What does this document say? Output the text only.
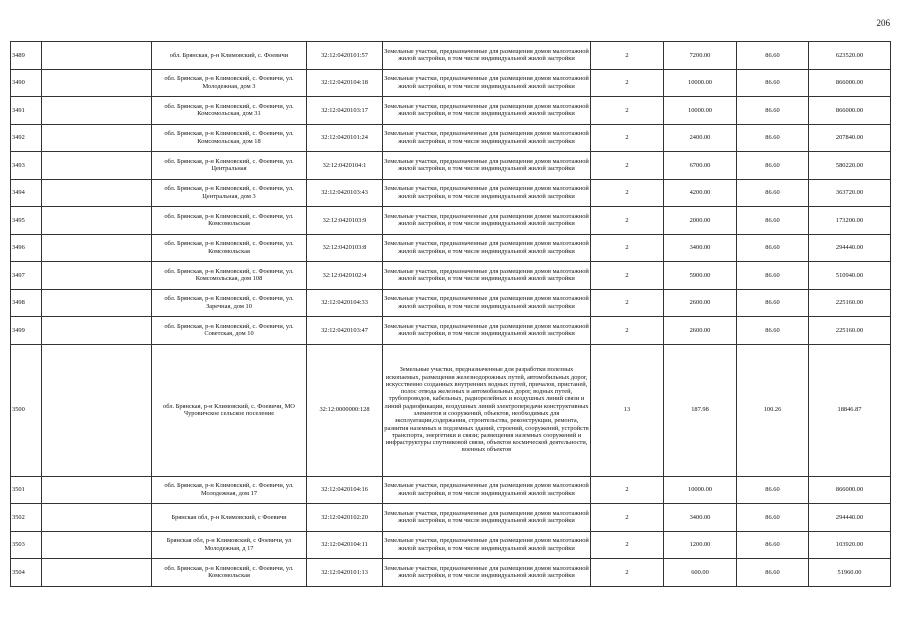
206
3489		обл. Брянская, р-н Климовский, с. Фоевичи	32:12:0420101:57	Земельные участки, предназначенные для размещения домов малоэтажной жилой застройки, в том числе индивидуальной жилой застройки	2	7200.00	86.60	623520.00
3490		обл. Брянская, р-н Климовский, с. Фоевичи, ул. Молодежная, дом 3	32:12:0420104:18	Земельные участки, предназначенные для размещения домов малоэтажной жилой застройки, в том числе индивидуальной жилой застройки	2	10000.00	86.60	866000.00
3491		обл. Брянская, р-н Климовский, с. Фоевичи, ул. Комсомольская, дом 31	32:12:0420103:17	Земельные участки, предназначенные для размещения домов малоэтажной жилой застройки, в том числе индивидуальной жилой застройки	2	10000.00	86.60	866000.00
3492		обл. Брянская, р-н Климовский, с. Фоевичи, ул. Комсомольская, дом 18	32:12:0420101:24	Земельные участки, предназначенные для размещения домов малоэтажной жилой застройки, в том числе индивидуальной жилой застройки	2	2400.00	86.60	207840.00
3493		обл. Брянская, р-н Климовский, с. Фоевичи, ул. Центральная	32:12:0420104:1	Земельные участки, предназначенные для размещения домов малоэтажной жилой застройки, в том числе индивидуальной жилой застройки	2	6700.00	86.60	580220.00
3494		обл. Брянская, р-н Климовский, с. Фоевичи, ул. Центральная, дом 3	32:12:0420103:43	Земельные участки, предназначенные для размещения домов малоэтажной жилой застройки, в том числе индивидуальной жилой застройки	2	4200.00	86.60	363720.00
3495		обл. Брянская, р-н Климовский, с. Фоевичи, ул. Комсомольская	32:12:0420103:9	Земельные участки, предназначенные для размещения домов малоэтажной жилой застройки, в том числе индивидуальной жилой застройки	2	2000.00	86.60	173200.00
3496		обл. Брянская, р-н Климовский, с. Фоевичи, ул. Комсомольская	32:12:0420103:8	Земельные участки, предназначенные для размещения домов малоэтажной жилой застройки, в том числе индивидуальной жилой застройки	2	3400.00	86.60	294440.00
3497		обл. Брянская, р-н Климовский, с. Фоевичи, ул. Комсомольская, дом 108	32:12:0420102:4	Земельные участки, предназначенные для размещения домов малоэтажной жилой застройки, в том числе индивидуальной жилой застройки	2	5900.00	86.60	510940.00
3498		обл. Брянская, р-н Климовский, с. Фоевичи, ул. Заречная, дом 10	32:12:0420104:33	Земельные участки, предназначенные для размещения домов малоэтажной жилой застройки, в том числе индивидуальной жилой застройки	2	2600.00	86.60	225160.00
3499		обл. Брянская, р-н Климовский, с. Фоевичи, ул. Советская, дом 10	32:12:0420103:47	Земельные участки, предназначенные для размещения домов малоэтажной жилой застройки, в том числе индивидуальной жилой застройки	2	2600.00	86.60	225160.00
3500		обл. Брянская, р-н Климовский, с. Фоевичи, МО Чуровичское сельское поселение	32:12:0000000:128	Земельные участки, предназначенные для разработки полезных ископаемых, размещения железнодорожных путей, автомобильных дорог, искусственно созданных внутренних водных путей, причалов, пристаней, полос отвода железных и автомобильных дорог, водных путей, трубопроводов, кабельных, радиорелейных и воздушных линий связи и линий радиофикации, воздушных линий электропередачи конструктивных элементов и сооружений, объектов, необходимых для эксплуатации,содержания, строительства, реконструкции, ремонта, развития наземных и подземных зданий, строений, сооружений, устройств транспорта, энергетики и связи; размещения наземных сооружений и инфраструктуры спутниковой связи, объектов космической деятельности, военных объектов	13	187.98	100.26	18846.87
3501		обл. Брянская, р-н Климовский, с. Фоевичи, ул. Молодежная, дом 17	32:12:0420104:16	Земельные участки, предназначенные для размещения домов малоэтажной жилой застройки, в том числе индивидуальной жилой застройки	2	10000.00	86.60	866000.00
3502		Брянская обл, р-н Климовский, с Фоевичи	32:12:0420102:20	Земельные участки, предназначенные для размещения домов малоэтажной жилой застройки, в том числе индивидуальной жилой застройки	2	3400.00	86.60	294440.00
3503		Брянская обл, р-н Климовский, с Фоевичи, ул Молодежная, д 17	32:12:0420104:11	Земельные участки, предназначенные для размещения домов малоэтажной жилой застройки, в том числе индивидуальной жилой застройки	2	1200.00	86.60	103920.00
3504		обл. Брянская, р-н Климовский, с. Фоевичи, ул. Комсомольская	32:12:0420101:13	Земельные участки, предназначенные для размещения домов малоэтажной жилой застройки, в том числе индивидуальной жилой застройки	2	600.00	86.60	51960.00
